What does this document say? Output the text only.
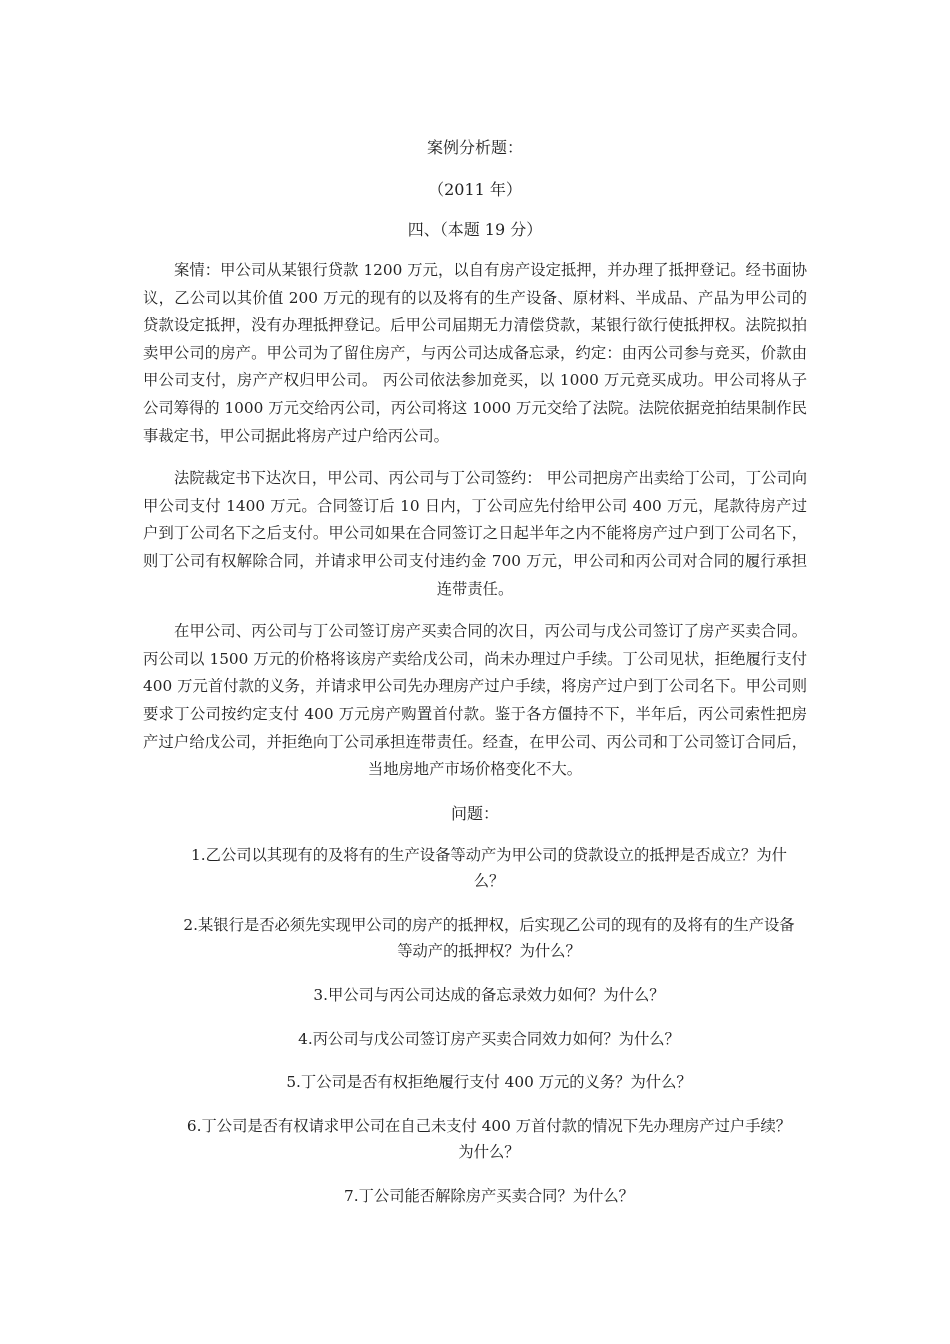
案例分析题：
（2011 年）
四、（本题 19 分）

案情：甲公司从某银行贷款 1200 万元，以自有房产设定抵押，并办理了抵押登记。经书面协议，乙公司以其价值 200 万元的现有的以及将有的生产设备、原材料、半成品、产品为甲公司的贷款设定抵押，没有办理抵押登记。后甲公司届期无力清偿贷款，某银行欲行使抵押权。法院拟拍卖甲公司的房产。甲公司为了留住房产，与丙公司达成备忘录，约定：由丙公司参与竞买，价款由甲公司支付，房产产权归甲公司。 丙公司依法参加竞买，以 1000 万元竞买成功。甲公司将从子公司筹得的 1000 万元交给丙公司，丙公司将这 1000 万元交给了法院。法院依据竞拍结果制作民事裁定书，甲公司据此将房产过户给丙公司。

法院裁定书下达次日，甲公司、丙公司与丁公司签约： 甲公司把房产出卖给丁公司，丁公司向甲公司支付 1400 万元。合同签订后 10 日内，丁公司应先付给甲公司 400 万元，尾款待房产过户到丁公司名下之后支付。甲公司如果在合同签订之日起半年之内不能将房产过户到丁公司名下，则丁公司有权解除合同，并请求甲公司支付违约金 700 万元，甲公司和丙公司对合同的履行承担连带责任。

在甲公司、丙公司与丁公司签订房产买卖合同的次日，丙公司与戊公司签订了房产买卖合同。丙公司以 1500 万元的价格将该房产卖给戊公司，尚未办理过户手续。丁公司见状，拒绝履行支付 400 万元首付款的义务，并请求甲公司先办理房产过户手续，将房产过户到丁公司名下。甲公司则要求丁公司按约定支付 400 万元房产购置首付款。鉴于各方僵持不下，半年后，丙公司索性把房产过户给戊公司，并拒绝向丁公司承担连带责任。经查，在甲公司、丙公司和丁公司签订合同后，当地房地产市场价格变化不大。

问题：

1.乙公司以其现有的及将有的生产设备等动产为甲公司的贷款设立的抵押是否成立？为什么？

2.某银行是否必须先实现甲公司的房产的抵押权，后实现乙公司的现有的及将有的生产设备等动产的抵押权？为什么？

3.甲公司与丙公司达成的备忘录效力如何？为什么？

4.丙公司与戊公司签订房产买卖合同效力如何？为什么？

5.丁公司是否有权拒绝履行支付 400 万元的义务？为什么？

6.丁公司是否有权请求甲公司在自己未支付 400 万首付款的情况下先办理房产过户手续？为什么？

7.丁公司能否解除房产买卖合同？为什么？
